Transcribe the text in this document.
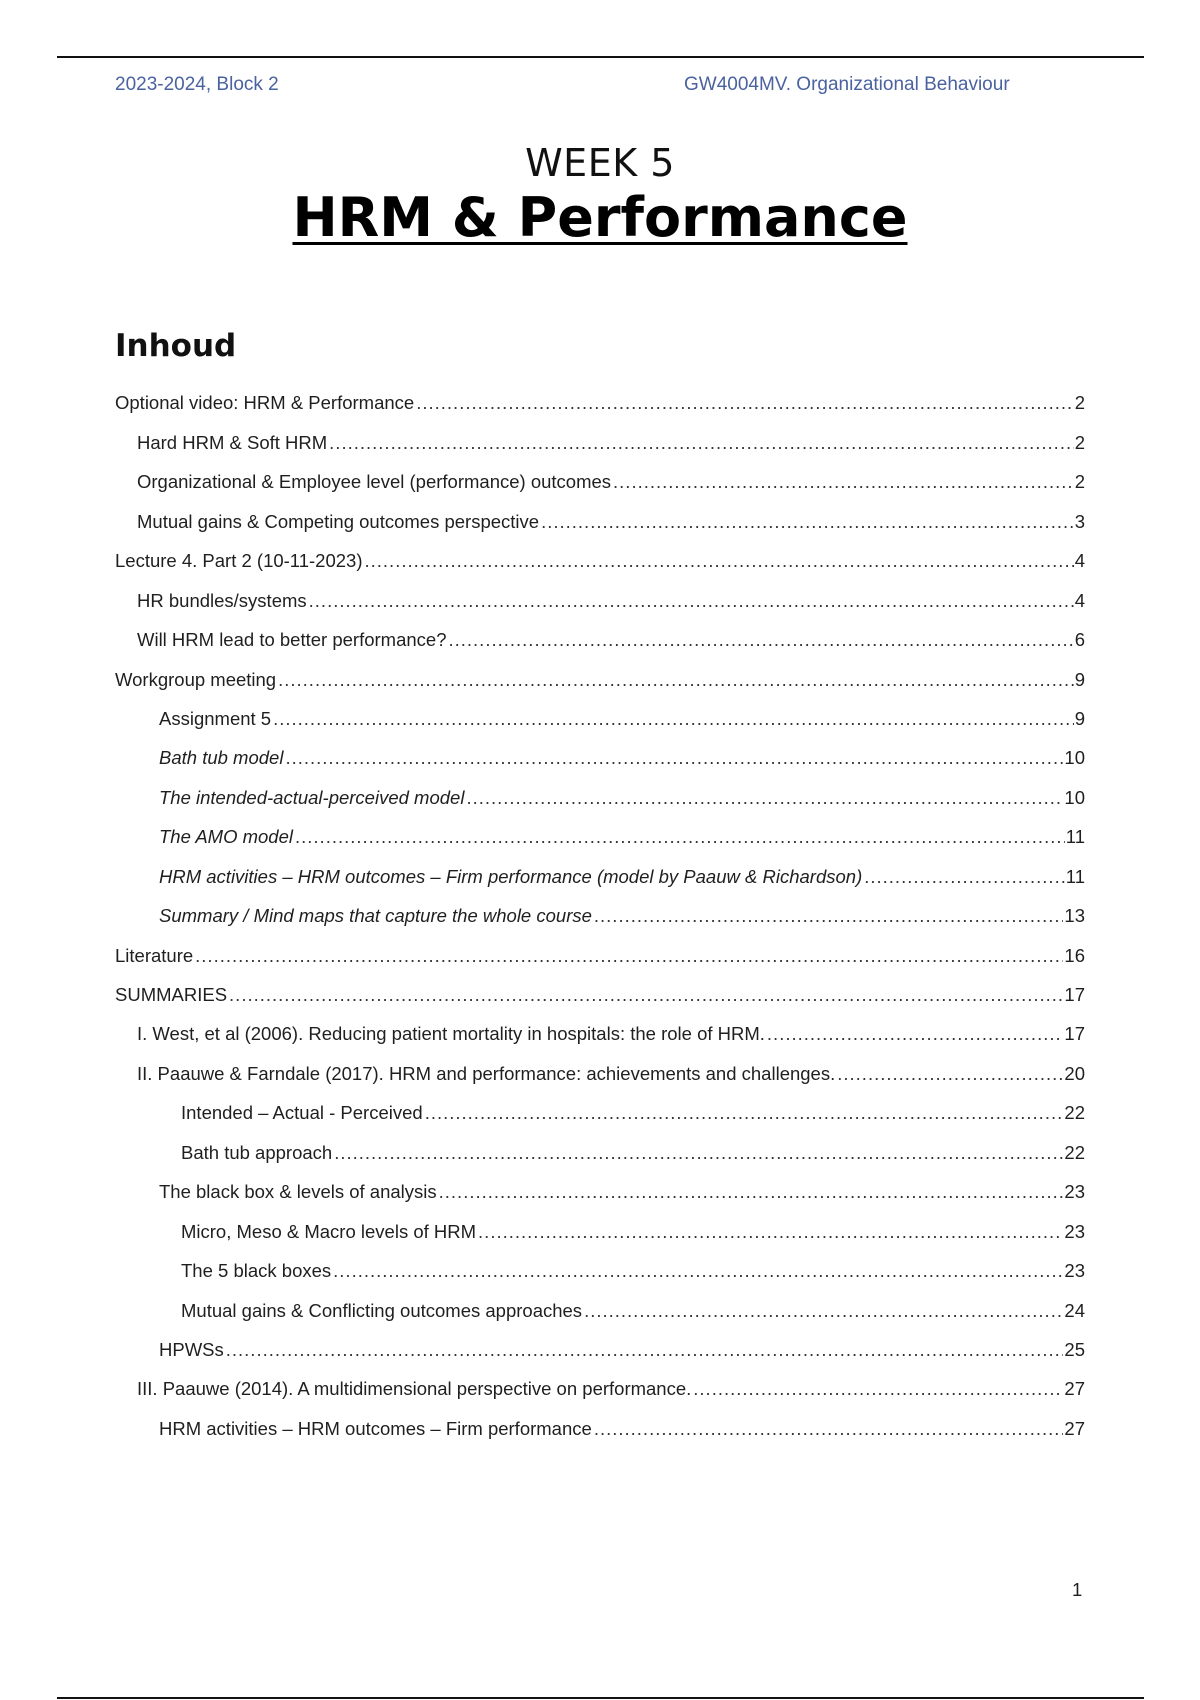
2023-2024, Block 2	GW4004MV. Organizational Behaviour
WEEK 5
HRM & Performance
Inhoud
Optional video: HRM & Performance .....	2
Hard HRM & Soft HRM .....	2
Organizational & Employee level (performance) outcomes .....	2
Mutual gains & Competing outcomes perspective .....	3
Lecture 4. Part 2 (10-11-2023) .....	4
HR bundles/systems .....	4
Will HRM lead to better performance? .....	6
Workgroup meeting .....	9
Assignment 5 .....	9
Bath tub model .....	10
The intended-actual-perceived model .....	10
The AMO model .....	11
HRM activities – HRM outcomes – Firm performance (model by Paauw & Richardson) .....	11
Summary / Mind maps that capture the whole course .....	13
Literature .....	16
SUMMARIES .....	17
I. West, et al (2006). Reducing patient mortality in hospitals: the role of HRM. .....	17
II. Paauwe & Farndale (2017). HRM and performance: achievements and challenges. .....	20
Intended – Actual - Perceived .....	22
Bath tub approach .....	22
The black box & levels of analysis .....	23
Micro, Meso & Macro levels of HRM .....	23
The 5 black boxes .....	23
Mutual gains & Conflicting outcomes approaches .....	24
HPWSs .....	25
III. Paauwe (2014). A multidimensional perspective on performance. .....	27
HRM activities – HRM outcomes – Firm performance .....	27
1
